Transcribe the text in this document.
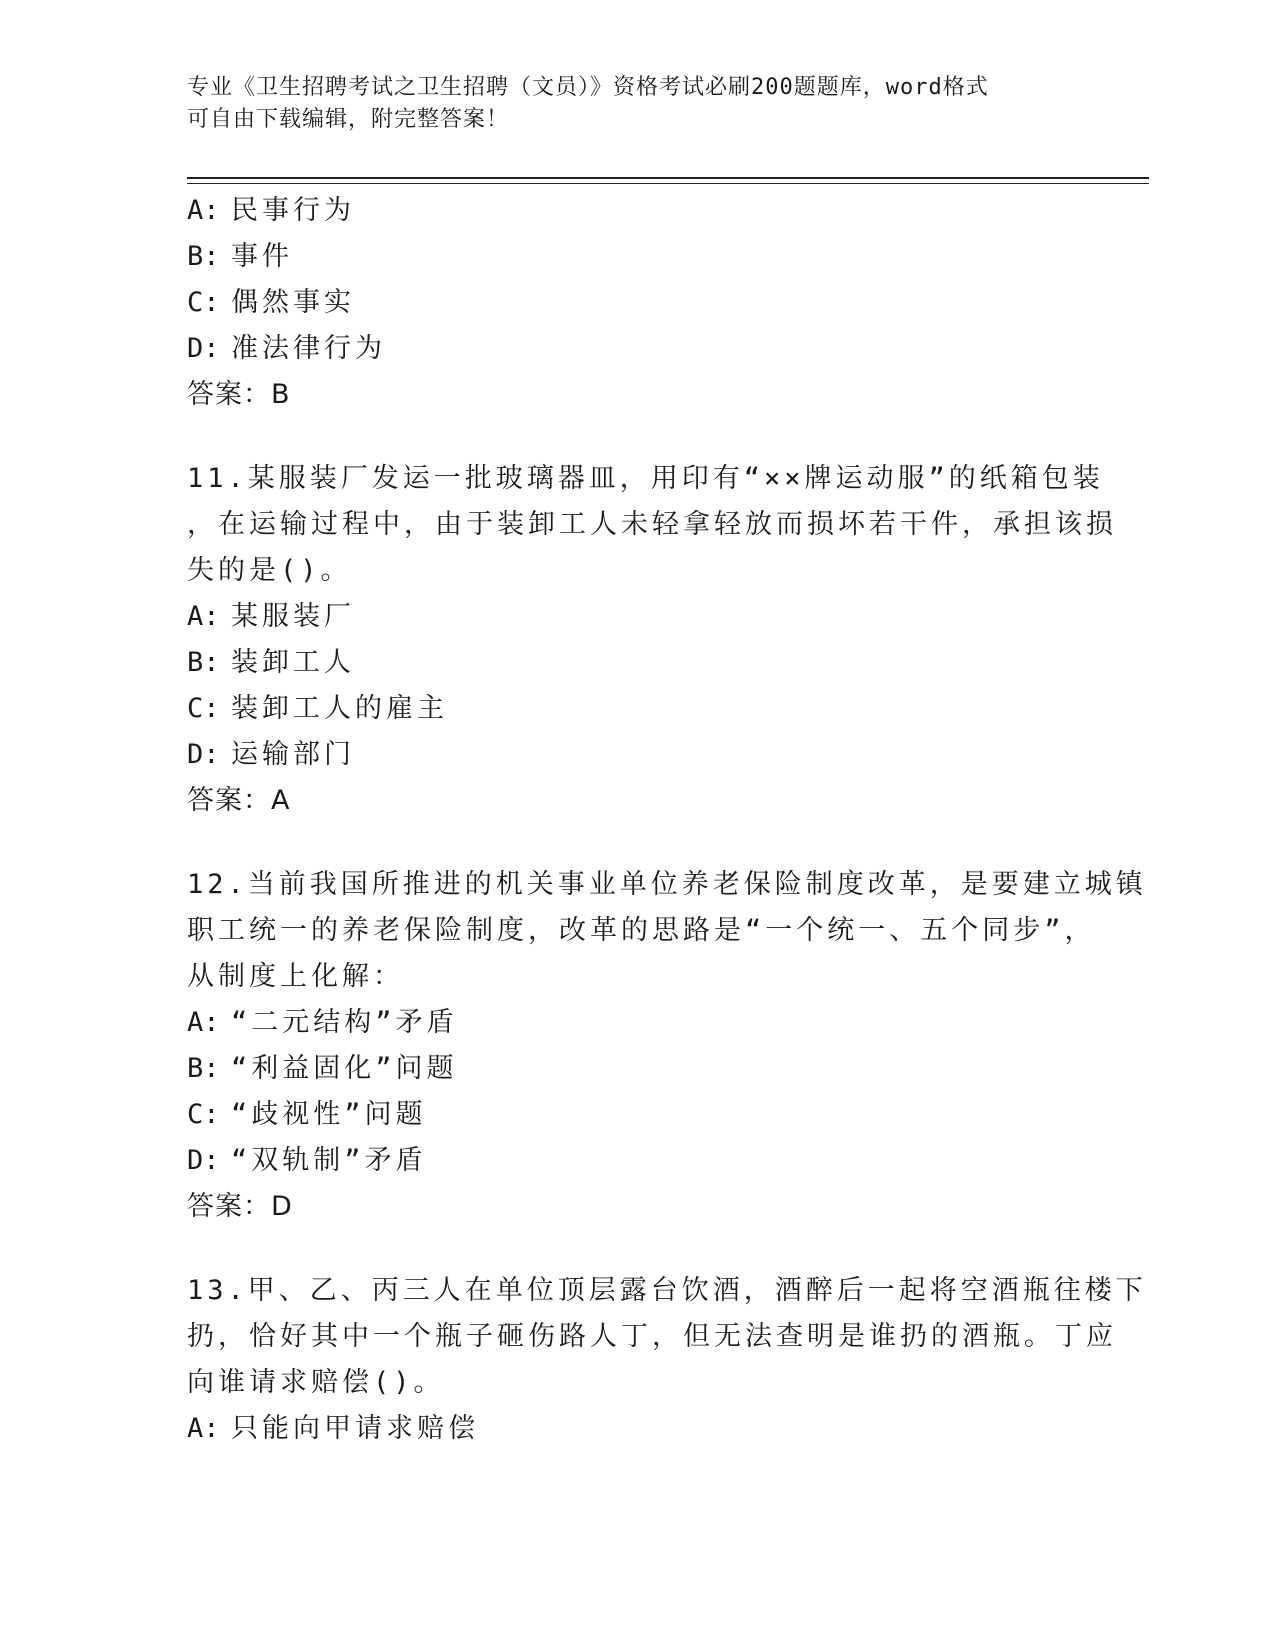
专业《卫生招聘考试之卫生招聘（文员）》资格考试必刷200题题库，word格式
可自由下载编辑，附完整答案！
A: 民事行为
B: 事件
C: 偶然事实
D: 准法律行为
答案：B
11.某服装厂发运一批玻璃器皿，用印有“××牌运动服”的纸箱包装
，在运输过程中，由于装卸工人未轻拿轻放而损坏若干件，承担该损
失的是()。
A: 某服装厂
B: 装卸工人
C: 装卸工人的雇主
D: 运输部门
答案：A
12.当前我国所推进的机关事业单位养老保险制度改革，是要建立城镇
职工统一的养老保险制度，改革的思路是“一个统一、五个同步”，
从制度上化解：
A: “二元结构”矛盾
B: “利益固化”问题
C: “歧视性”问题
D: “双轨制”矛盾
答案：D
13.甲、乙、丙三人在单位顶层露台饮酒，酒醉后一起将空酒瓶往楼下
扔，恰好其中一个瓶子砸伤路人丁，但无法查明是谁扔的酒瓶。丁应
向谁请求赔偿()。
A: 只能向甲请求赔偿
